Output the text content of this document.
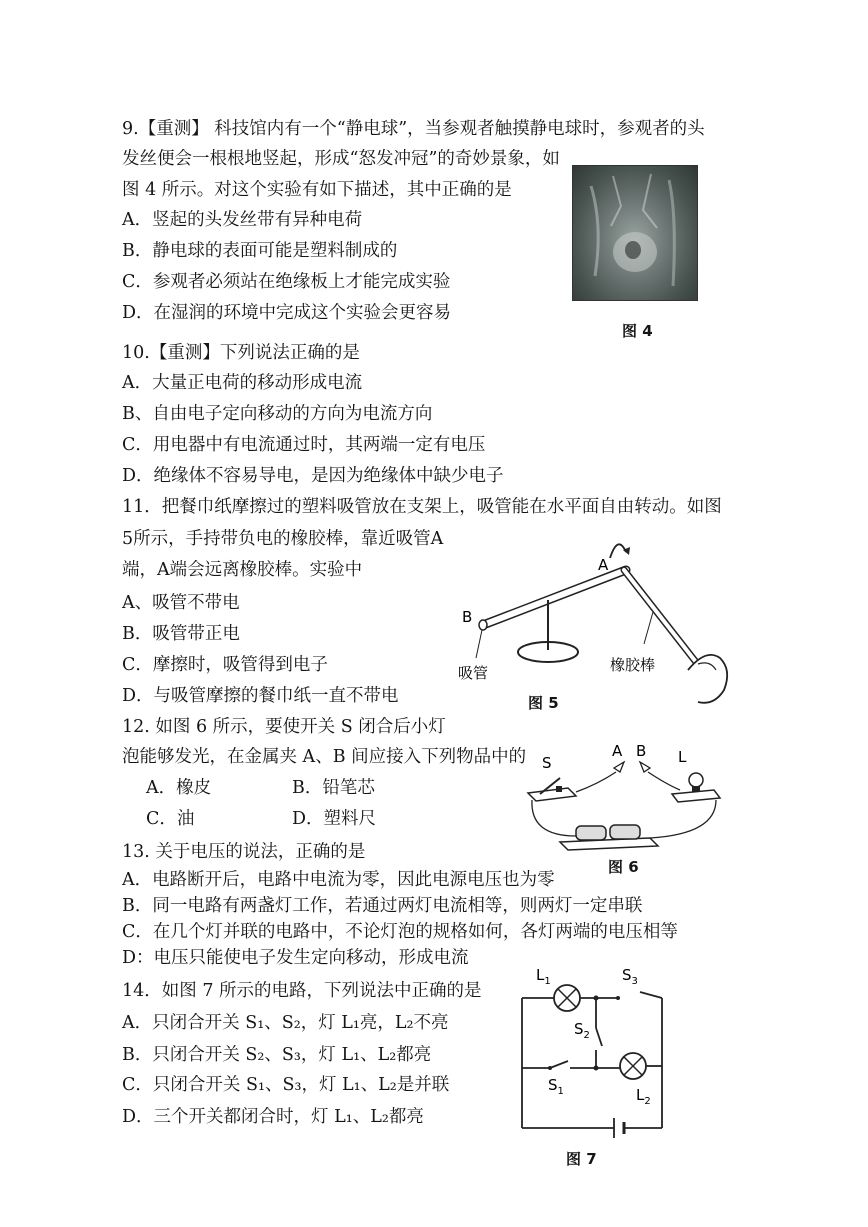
9.【重测】 科技馆内有一个“静电球”，当参观者触摸静电球时，参观者的头
发丝便会一根根地竖起，形成“怒发冲冠”的奇妙景象，如
图 4 所示。对这个实验有如下描述，其中正确的是
A．竖起的头发丝带有异种电荷
B．静电球的表面可能是塑料制成的
C．参观者必须站在绝缘板上才能完成实验
D．在湿润的环境中完成这个实验会更容易
图 4
10.【重测】下列说法正确的是
A．大量正电荷的移动形成电流
B、自由电子定向移动的方向为电流方向
C．用电器中有电流通过时，其两端一定有电压
D．绝缘体不容易导电，是因为绝缘体中缺少电子
11．把餐巾纸摩擦过的塑料吸管放在支架上，吸管能在水平面自由转动。如图
5所示，手持带负电的橡胶棒，靠近吸管A
端，A端会远离橡胶棒。实验中
A、吸管不带电
B．吸管带正电
C．摩擦时，吸管得到电子
D．与吸管摩擦的餐巾纸一直不带电
A
B
吸管	橡胶棒
图 5
12. 如图 6 所示，要使开关 S 闭合后小灯
泡能够发光，在金属夹 A、B 间应接入下列物品中的
A．橡皮	B．铅笔芯
C．油	D．塑料尺
S
A B L
图 6
13. 关于电压的说法，正确的是
A．电路断开后，电路中电流为零，因此电源电压也为零
B．同一电路有两盏灯工作，若通过两灯电流相等，则两灯一定串联
C．在几个灯并联的电路中，不论灯泡的规格如何，各灯两端的电压相等
D：电压只能使电子发生定向移动，形成电流
14．如图 7 所示的电路，下列说法中正确的是
A．只闭合开关 S₁、S₂，灯 L₁亮，L₂不亮
B．只闭合开关 S₂、S₃，灯 L₁、L₂都亮
C．只闭合开关 S₁、S₃，灯 L₁、L₂是并联
D．三个开关都闭合时，灯 L₁、L₂都亮
$L_1$	$S_3$
$S_2$
$S_1$	$L_2$
图 7
